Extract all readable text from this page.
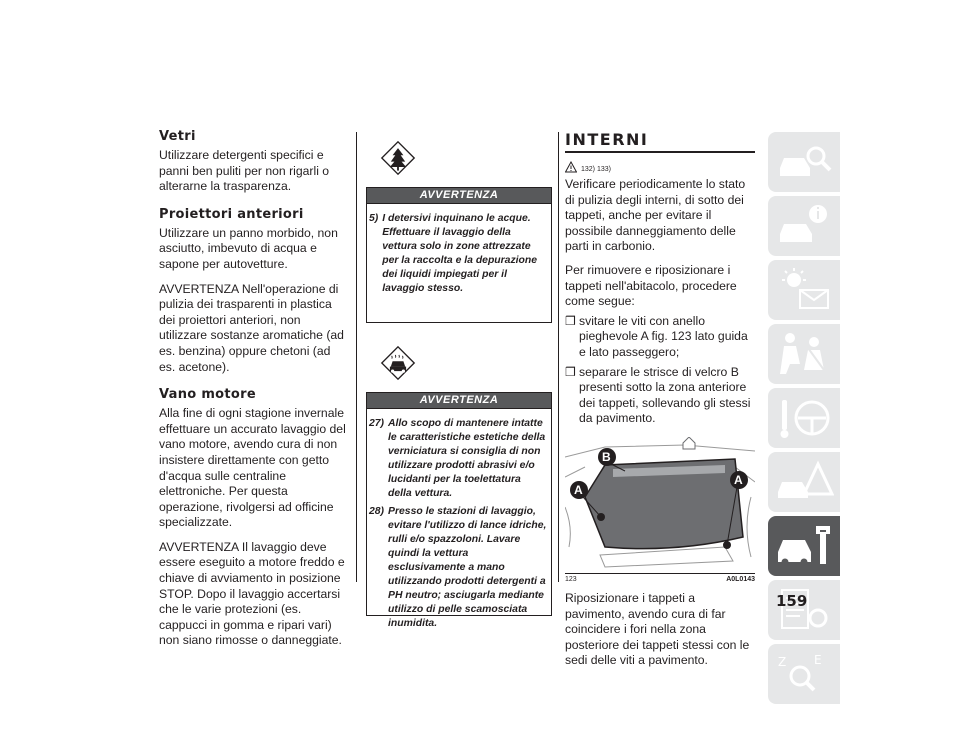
Vetri

Utilizzare detergenti specifici e panni ben puliti per non rigarli o alterarne la trasparenza.

Proiettori anteriori

Utilizzare un panno morbido, non asciutto, imbevuto di acqua e sapone per autovetture.

AVVERTENZA Nell'operazione di pulizia dei trasparenti in plastica dei proiettori anteriori, non utilizzare sostanze aromatiche (ad es. benzina) oppure chetoni (ad es. acetone).

Vano motore

Alla fine di ogni stagione invernale effettuare un accurato lavaggio del vano motore, avendo cura di non insistere direttamente con getto d'acqua sulle centraline elettroniche. Per questa operazione, rivolgersi ad officine specializzate.

AVVERTENZA Il lavaggio deve essere eseguito a motore freddo e chiave di avviamento in posizione STOP. Dopo il lavaggio accertarsi che le varie protezioni (es. cappucci in gomma e ripari vari) non siano rimosse o danneggiate.

AVVERTENZA
5) I detersivi inquinano le acque. Effettuare il lavaggio della vettura solo in zone attrezzate per la raccolta e la depurazione dei liquidi impiegati per il lavaggio stesso.
AVVERTENZA
27) Allo scopo di mantenere intatte le caratteristiche estetiche della verniciatura si consiglia di non utilizzare prodotti abrasivi e/o lucidanti per la toelettatura della vettura.
28) Presso le stazioni di lavaggio, evitare l'utilizzo di lance idriche, rulli e/o spazzoloni. Lavare quindi la vettura esclusivamente a mano utilizzando prodotti detergenti a PH neutro; asciugarla mediante utilizzo di pelle scamosciata inumidita.
INTERNI
132) 133)

Verificare periodicamente lo stato di pulizia degli interni, di sotto dei tappeti, anche per evitare il possibile danneggiamento delle parti in carbonio.

Per rimuovere e riposizionare i tappeti nell'abitacolo, procedere come segue:

❒ svitare le viti con anello pieghevole A fig. 123 lato guida e lato passeggero;

❒ separare le strisce di velcro B presenti sotto la zona anteriore dei tappeti, sollevando gli stessi da pavimento.

A
A
B
123	A0L0143

Riposizionare i tappeti a pavimento, avendo cura di far coincidere i fori nella zona posteriore dei tappeti stessi con le sedi delle viti a pavimento.	Z E
159
